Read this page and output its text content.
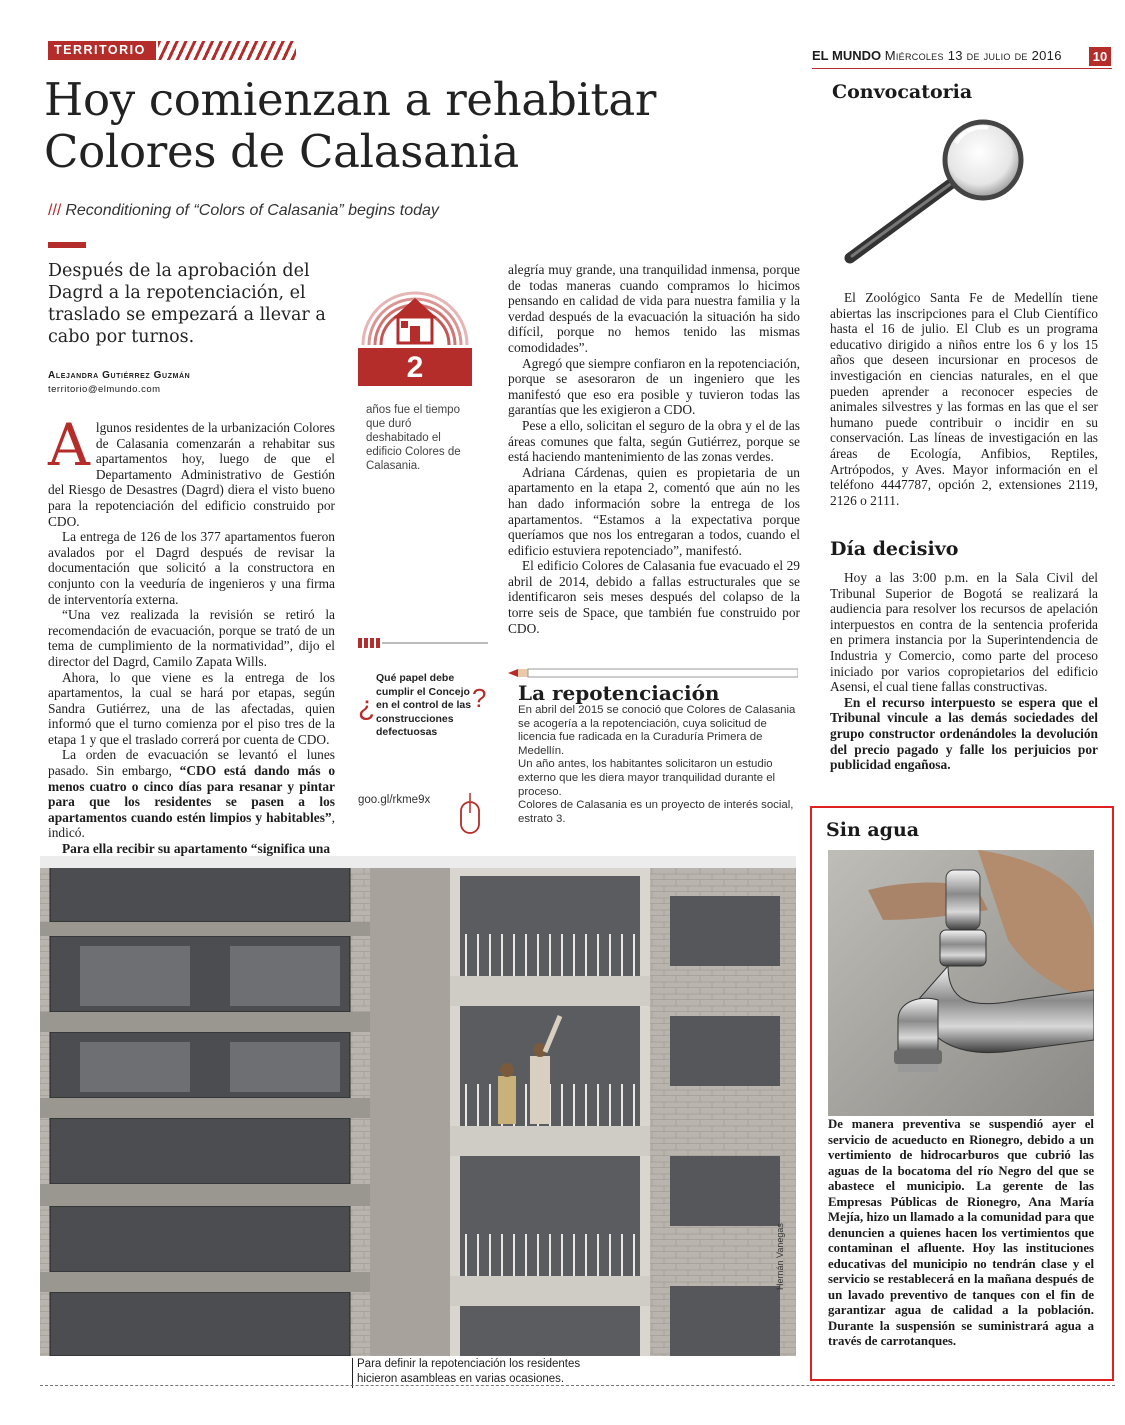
TERRITORIO	EL MUNDO Miércoles 13 de julio de 2016 10
Hoy comienzan a rehabitar Colores de Calasania
/// Reconditioning of “Colors of Calasania” begins today
Después de la aprobación del Dagrd a la repotenciación, el traslado se empezará a llevar a cabo por turnos.
Alejandra Gutiérrez Guzmán
territorio@elmundo.com

Algunos residentes de la urbanización Colores de Calasania comenzarán a rehabitar sus apartamentos hoy, luego de que el Departamento Administrativo de Gestión del Riesgo de Desastres (Dagrd) diera el visto bueno para la repotenciación del edificio construido por CDO.

La entrega de 126 de los 377 apartamentos fueron avalados por el Dagrd después de revisar la documentación que solicitó a la constructora en conjunto con la veeduría de ingenieros y una firma de interventoría externa.

“Una vez realizada la revisión se retiró la recomendación de evacuación, porque se trató de un tema de cumplimiento de la normatividad”, dijo el director del Dagrd, Camilo Zapata Wills.

Ahora, lo que viene es la entrega de los apartamentos, la cual se hará por etapas, según Sandra Gutiérrez, una de las afectadas, quien informó que el turno comienza por el piso tres de la etapa 1 y que el traslado correrá por cuenta de CDO.

La orden de evacuación se levantó el lunes pasado. Sin embargo, “CDO está dando más o menos cuatro o cinco días para resanar y pintar para que los residentes se pasen a los apartamentos cuando estén limpios y habitables”, indicó.

Para ella recibir su apartamento “significa una

2
años fue el tiempo que duró deshabitado el edificio Colores de Calasania.
¿
Qué papel debe cumplir el Concejo en el control de las construcciones defectuosas
?
goo.gl/rkme9x

alegría muy grande, una tranquilidad inmensa, porque de todas maneras cuando compramos lo hicimos pensando en calidad de vida para nuestra familia y la verdad después de la evacuación la situación ha sido difícil, porque no hemos tenido las mismas comodidades”.

Agregó que siempre confiaron en la repotenciación, porque se asesoraron de un ingeniero que les manifestó que eso era posible y tuvieron todas las garantías que les exigieron a CDO.

Pese a ello, solicitan el seguro de la obra y el de las áreas comunes que falta, según Gutiérrez, porque se está haciendo mantenimiento de las zonas verdes.

Adriana Cárdenas, quien es propietaria de un apartamento en la etapa 2, comentó que aún no les han dado información sobre la entrega de los apartamentos. “Estamos a la expectativa porque queríamos que nos los entregaran a todos, cuando el edificio estuviera repotenciado”, manifestó.

El edificio Colores de Calasania fue evacuado el 29 abril de 2014, debido a fallas estructurales que se identificaron seis meses después del colapso de la torre seis de Space, que también fue construido por CDO.

La repotenciación

En abril del 2015 se conoció que Colores de Calasania se acogería a la repotenciación, cuya solicitud de licencia fue radicada en la Curaduría Primera de Medellín.

Un año antes, los habitantes solicitaron un estudio externo que les diera mayor tranquilidad durante el proceso.

Colores de Calasania es un proyecto de interés social, estrato 3.

Convocatoria

El Zoológico Santa Fe de Medellín tiene abiertas las inscripciones para el Club Científico hasta el 16 de julio. El Club es un programa educativo dirigido a niños entre los 6 y los 15 años que deseen incursionar en procesos de investigación en ciencias naturales, en el que pueden aprender a reconocer especies de animales silvestres y las formas en las que el ser humano puede contribuir o incidir en su conservación. Las líneas de investigación en las áreas de Ecología, Anfibios, Reptiles, Artrópodos, y Aves. Mayor información en el teléfono 4447787, opción 2, extensiones 2119, 2126 o 2111.

Día decisivo

Hoy a las 3:00 p.m. en la Sala Civil del Tribunal Superior de Bogotá se realizará la audiencia para resolver los recursos de apelación interpuestos en contra de la sentencia proferida en primera instancia por la Superintendencia de Industria y Comercio, como parte del proceso iniciado por varios copropietarios del edificio Asensi, el cual tiene fallas constructivas.

En el recurso interpuesto se espera que el Tribunal vincule a las demás sociedades del grupo constructor ordenándoles la devolución del precio pagado y falle los perjuicios por publicidad engañosa.

Sin agua
De manera preventiva se suspendió ayer el servicio de acueducto en Rionegro, debido a un vertimiento de hidrocarburos que cubrió las aguas de la bocatoma del río Negro del que se abastece el municipio. La gerente de las Empresas Públicas de Rionegro, Ana María Mejía, hizo un llamado a la comunidad para que denuncien a quienes hacen los vertimientos que contaminan el afluente. Hoy las instituciones educativas del municipio no tendrán clase y el servicio se restablecerá en la mañana después de un lavado preventivo de tanques con el fin de garantizar agua de calidad a la población. Durante la suspensión se suministrará agua a través de carrotanques.
Hernán Vanegas
Para definir la repotenciación los residentes hicieron asambleas en varias ocasiones.
